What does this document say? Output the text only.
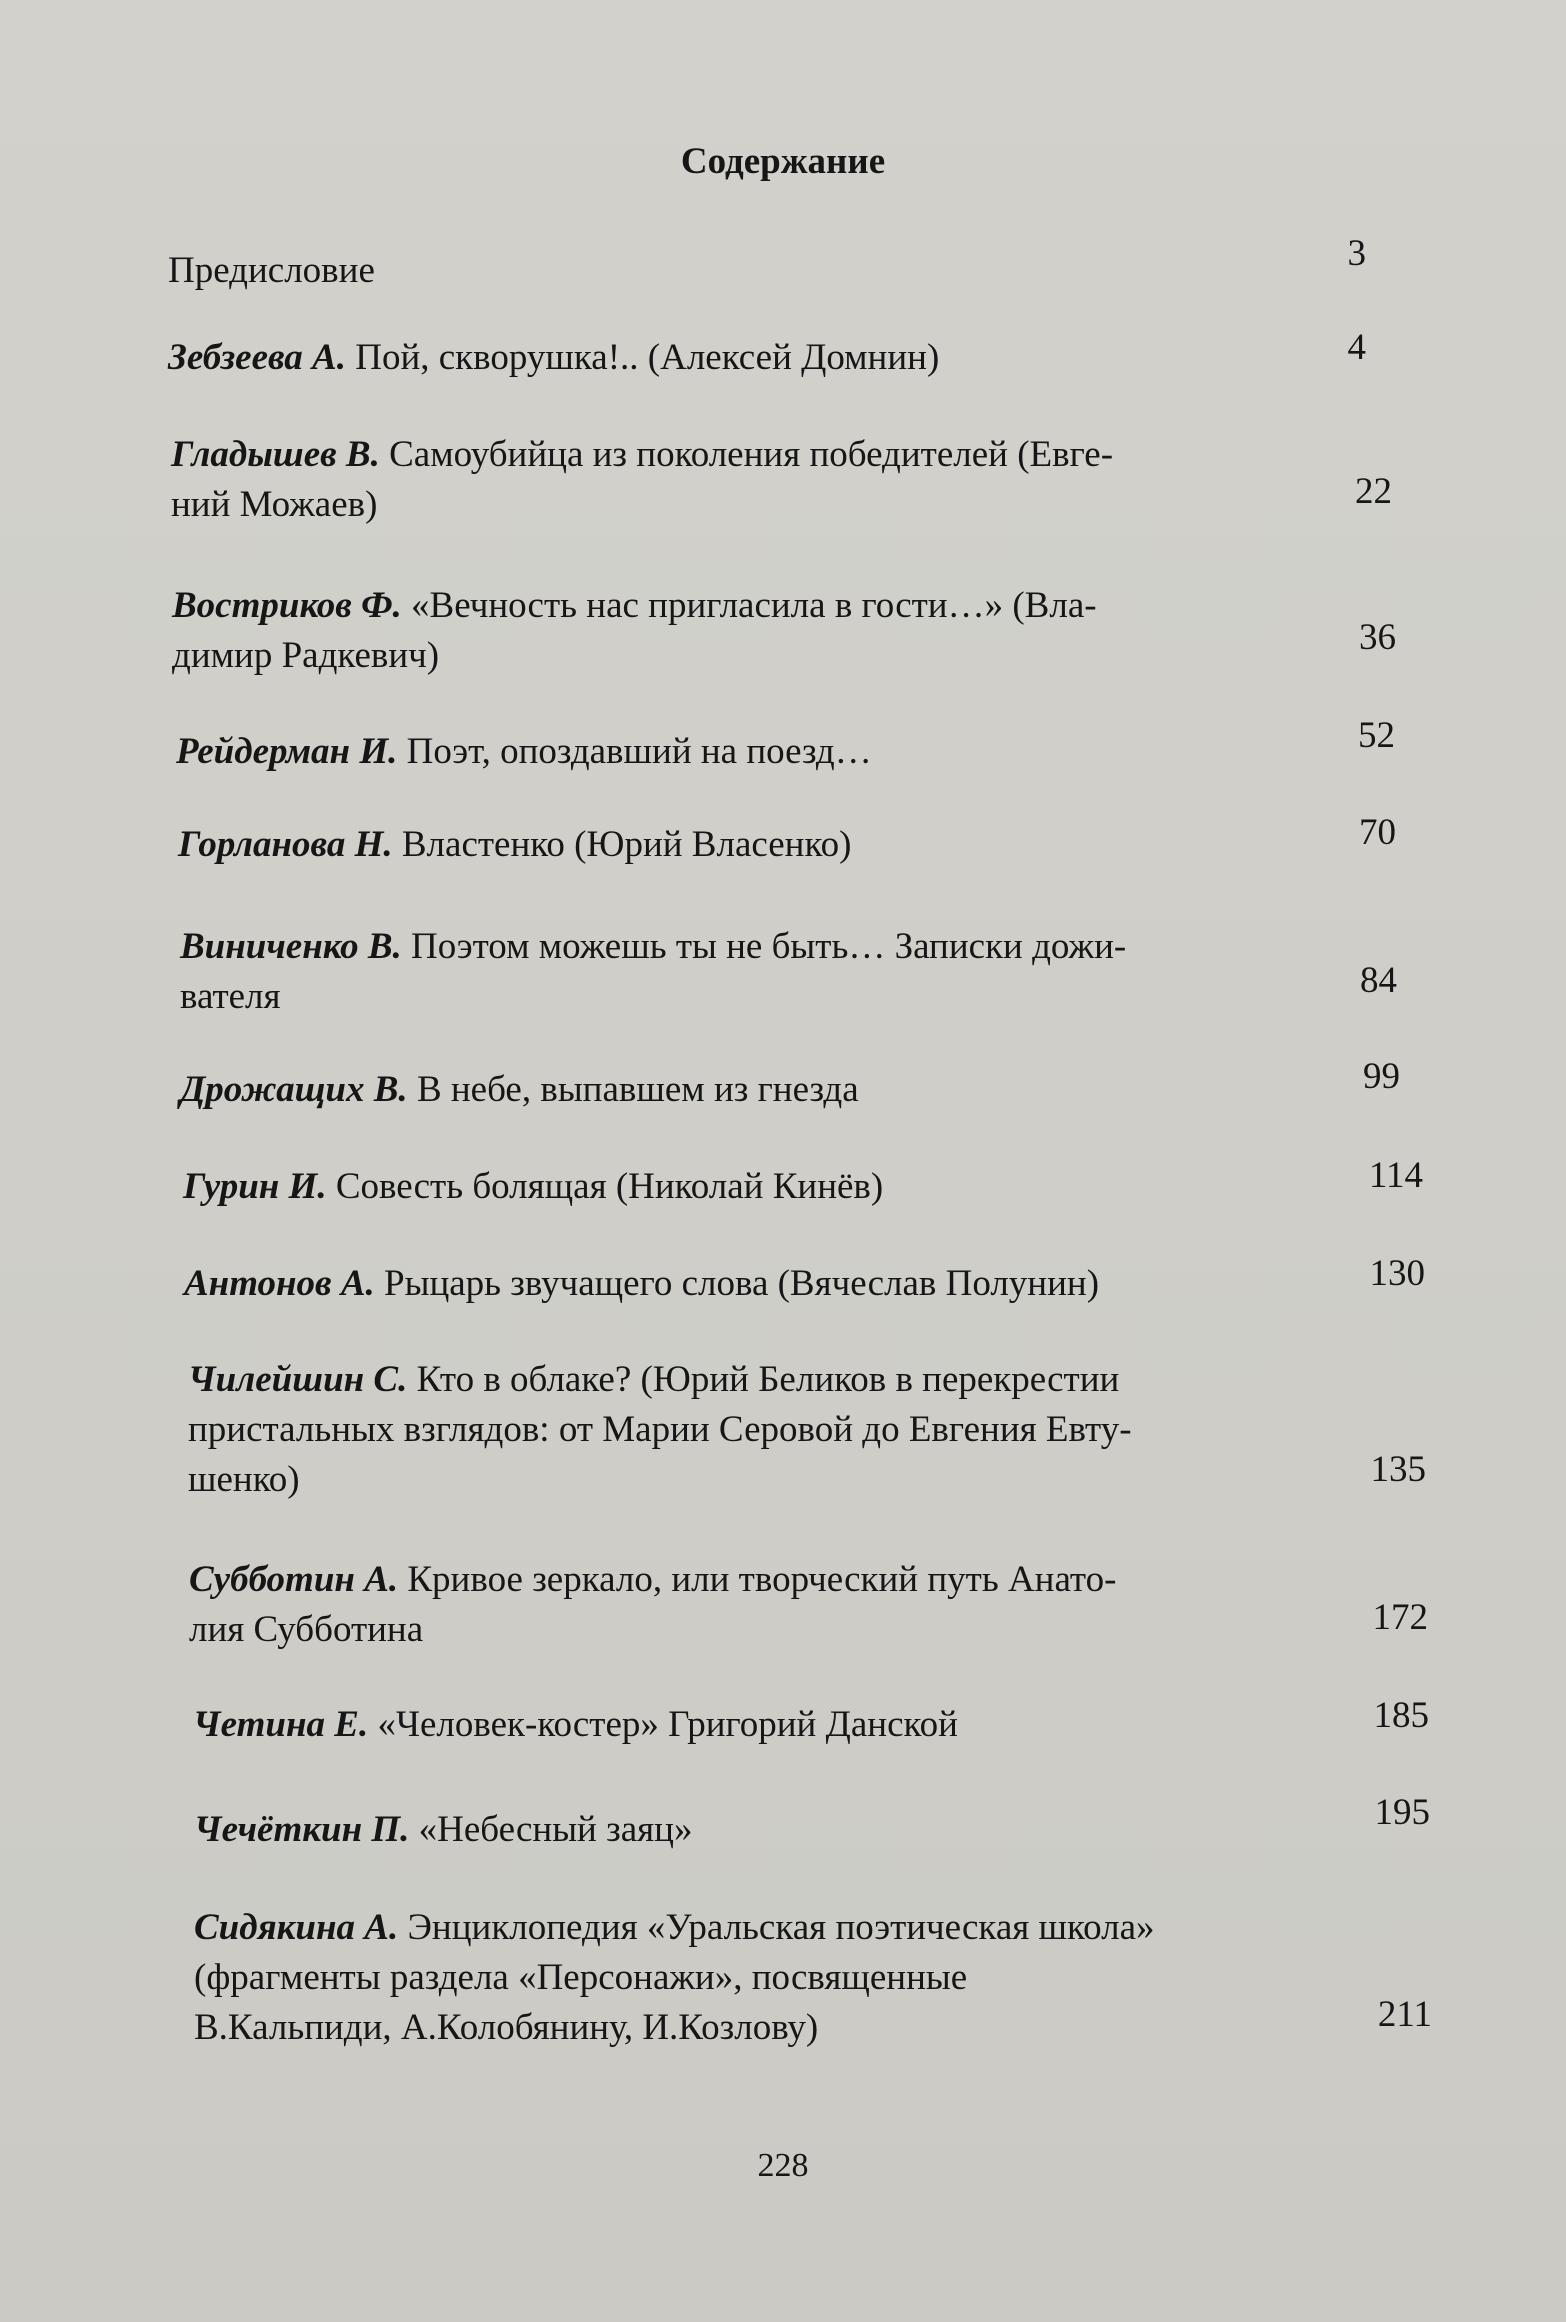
Содержание
Предисловие	3
Зебзеева А. Пой, скворушка!.. (Алексей Домнин)	4
Гладышев В. Самоубийца из поколения победителей (Евге-
ний Можаев)	22
Востриков Ф. «Вечность нас пригласила в гости…» (Вла-
димир Радкевич)	36
Рейдерман И. Поэт, опоздавший на поезд…	52
Горланова Н. Властенко (Юрий Власенко)	70
Виниченко В. Поэтом можешь ты не быть… Записки дожи-
вателя	84
Дрожащих В. В небе, выпавшем из гнезда	99
Гурин И. Совесть болящая (Николай Кинёв)	114
Антонов А. Рыцарь звучащего слова (Вячеслав Полунин)	130
Чилейшин С. Кто в облаке? (Юрий Беликов в перекрестии
пристальных взглядов: от Марии Серовой до Евгения Евту-
шенко)	135
Субботин А. Кривое зеркало, или творческий путь Анато-
лия Субботина	172
Четина Е. «Человек-костер» Григорий Данской	185
Чечёткин П. «Небесный заяц»	195
Сидякина А. Энциклопедия «Уральская поэтическая школа»
(фрагменты раздела «Персонажи», посвященные
В.Кальпиди, А.Колобянину, И.Козлову)	211
228
